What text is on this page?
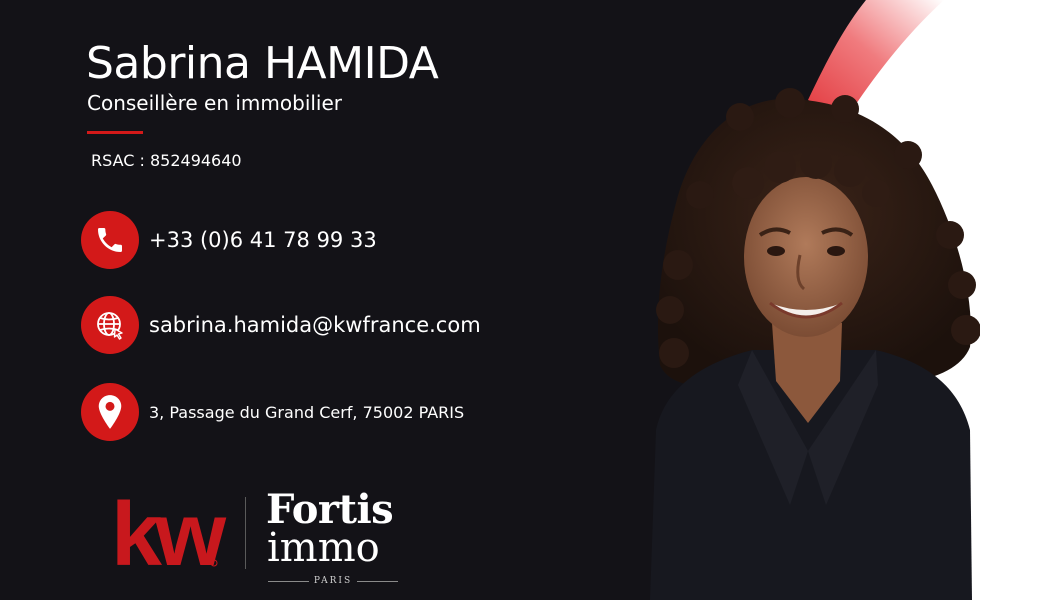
Sabrina HAMIDA
Conseillère en immobilier
RSAC : 852494640
+33 (0)6 41 78 99 33
sabrina.hamida@kwfrance.com
3, Passage du Grand Cerf, 75002 PARIS
kw Fortis
immo
PARIS
